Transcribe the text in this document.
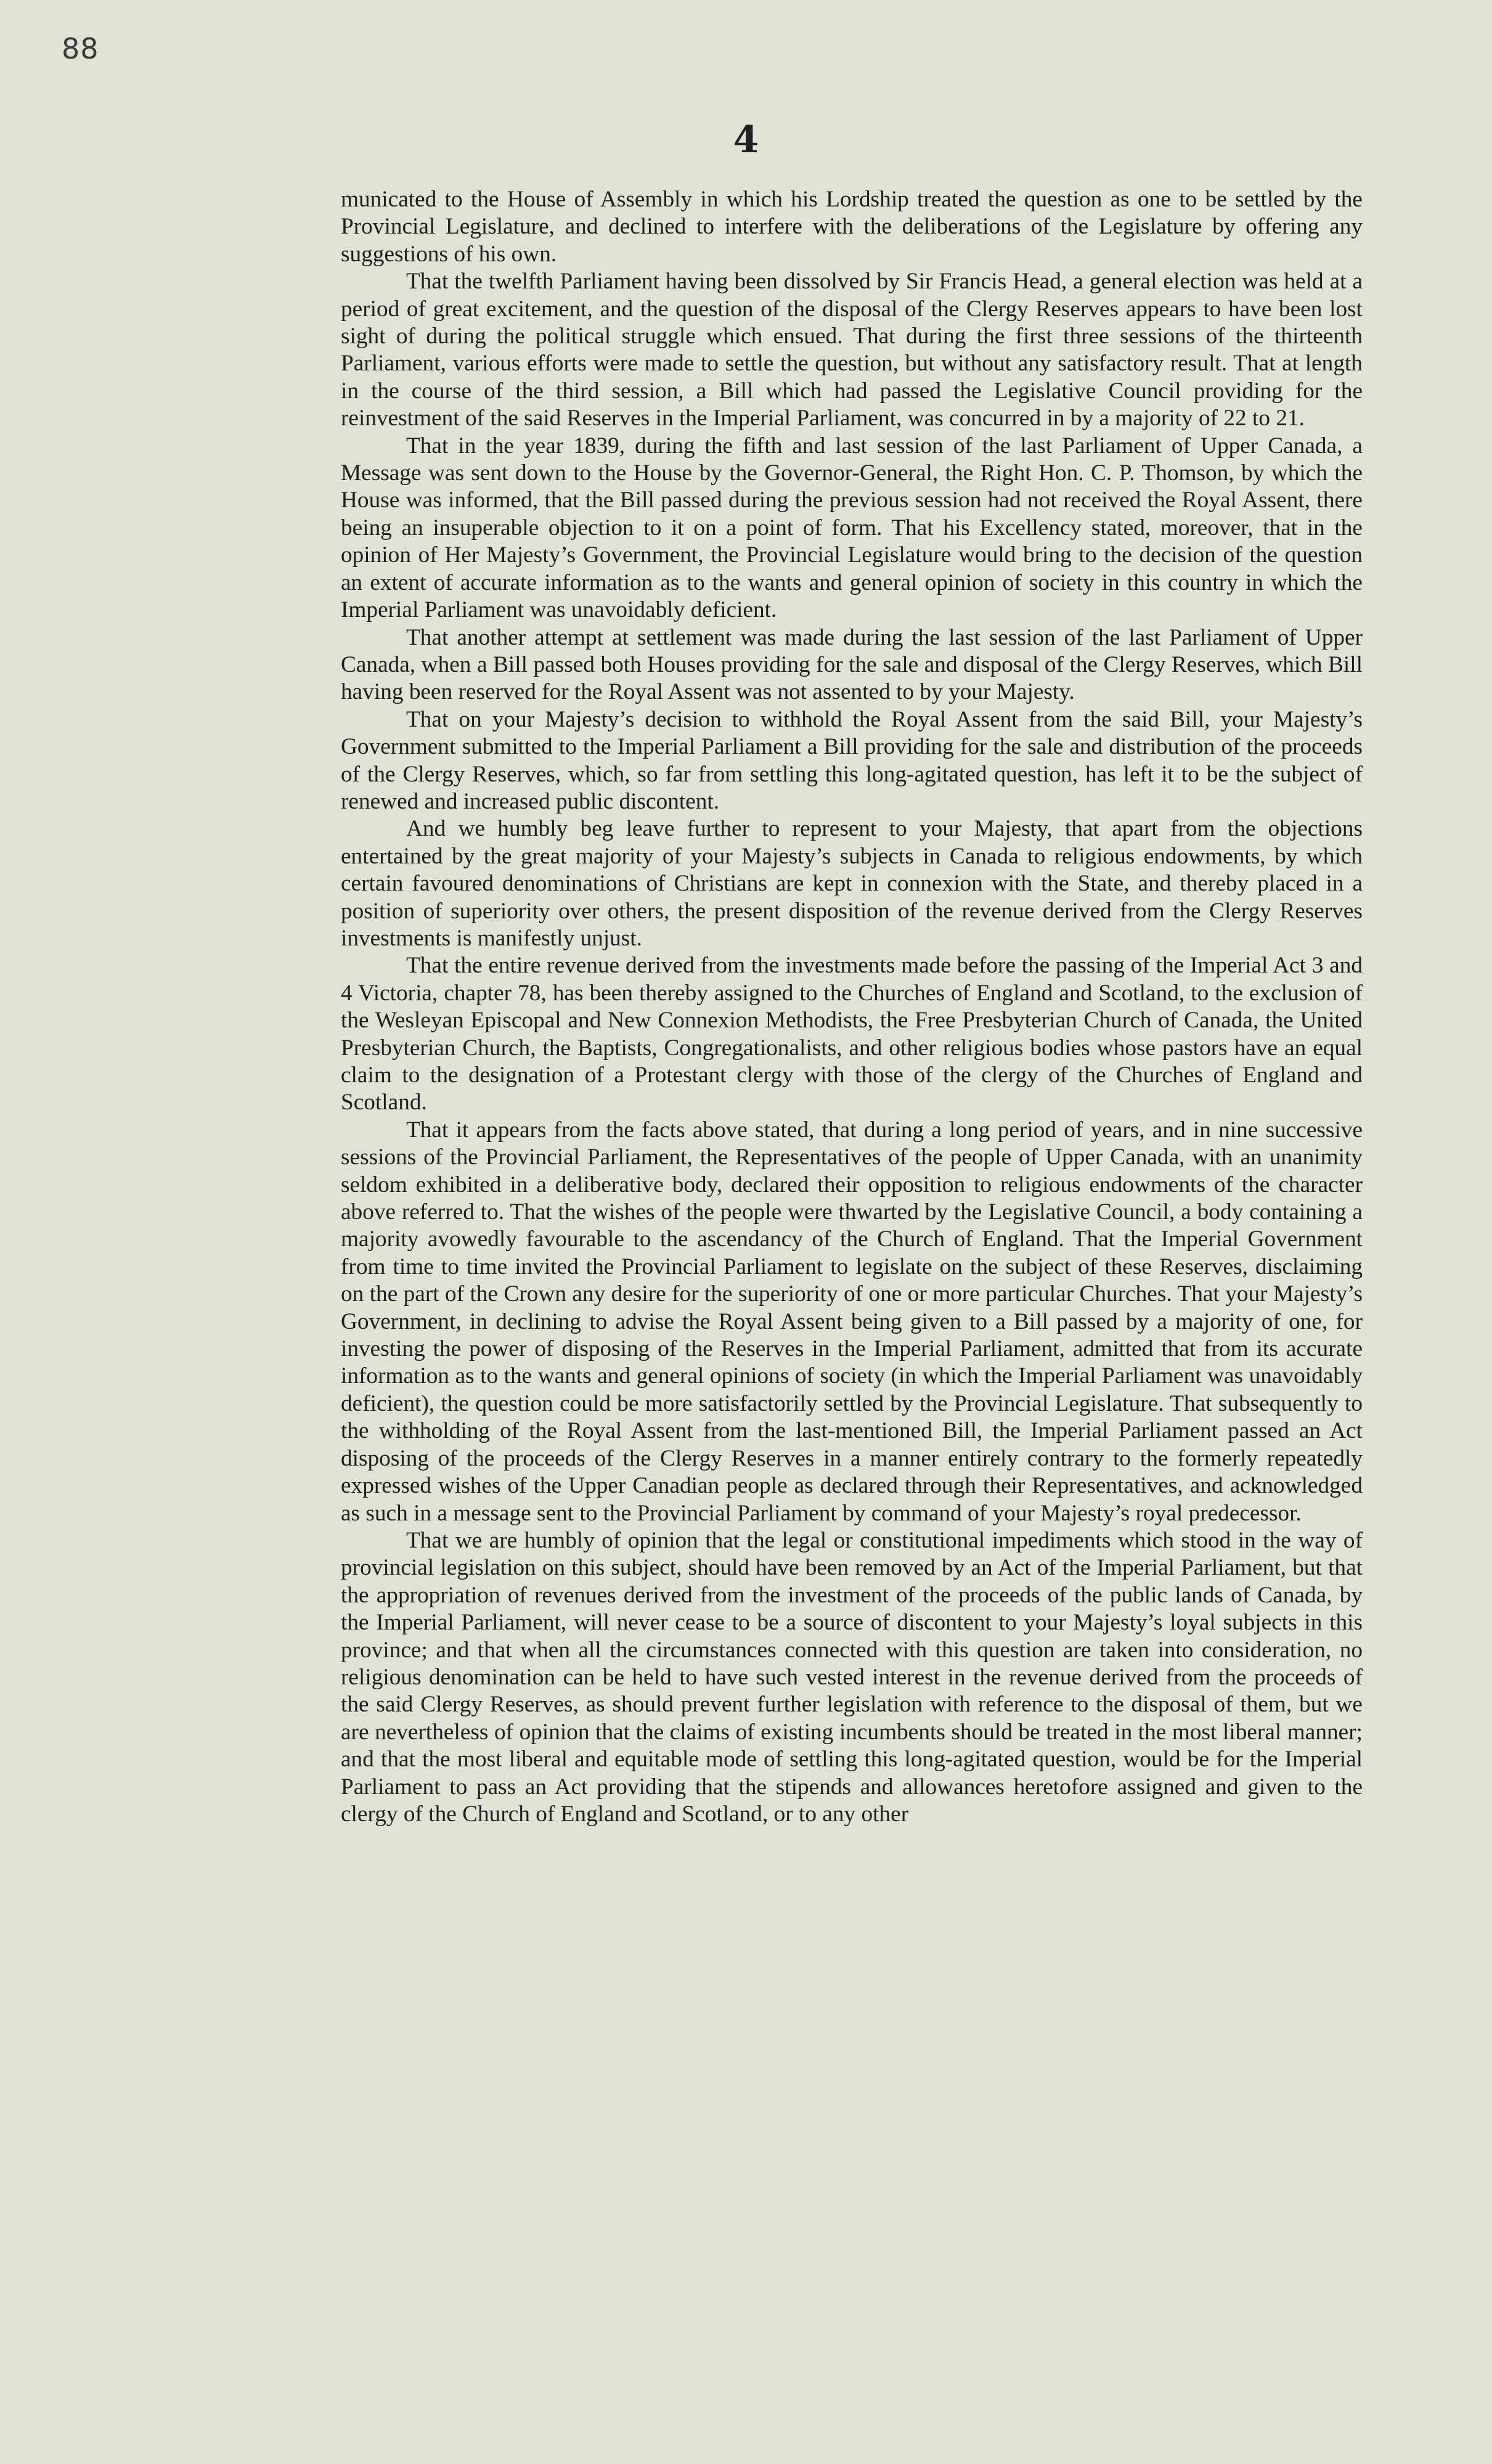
88
4

municated to the House of Assembly in which his Lordship treated the question as one to be settled by the Provincial Legislature, and declined to interfere with the deliberations of the Legislature by offering any suggestions of his own.

That the twelfth Parliament having been dissolved by Sir Francis Head, a general election was held at a period of great excitement, and the question of the disposal of the Clergy Reserves appears to have been lost sight of during the political struggle which ensued. That during the first three sessions of the thirteenth Parliament, various efforts were made to settle the question, but without any satisfactory result. That at length in the course of the third session, a Bill which had passed the Legislative Council providing for the reinvestment of the said Reserves in the Imperial Parliament, was concurred in by a majority of 22 to 21.

That in the year 1839, during the fifth and last session of the last Parliament of Upper Canada, a Message was sent down to the House by the Governor-General, the Right Hon. C. P. Thomson, by which the House was informed, that the Bill passed during the previous session had not received the Royal Assent, there being an insuperable objection to it on a point of form. That his Excellency stated, moreover, that in the opinion of Her Majesty’s Government, the Provincial Legislature would bring to the decision of the question an extent of accurate information as to the wants and general opinion of society in this country in which the Imperial Parliament was unavoidably deficient.

That another attempt at settlement was made during the last session of the last Parliament of Upper Canada, when a Bill passed both Houses providing for the sale and disposal of the Clergy Reserves, which Bill having been reserved for the Royal Assent was not assented to by your Majesty.

That on your Majesty’s decision to withhold the Royal Assent from the said Bill, your Majesty’s Government submitted to the Imperial Parliament a Bill providing for the sale and distribution of the proceeds of the Clergy Reserves, which, so far from settling this long-agitated question, has left it to be the subject of renewed and increased public discontent.

And we humbly beg leave further to represent to your Majesty, that apart from the objections entertained by the great majority of your Majesty’s subjects in Canada to religious endowments, by which certain favoured denominations of Christians are kept in connexion with the State, and thereby placed in a position of superiority over others, the present disposition of the revenue derived from the Clergy Reserves investments is manifestly unjust.

That the entire revenue derived from the investments made before the passing of the Imperial Act 3 and 4 Victoria, chapter 78, has been thereby assigned to the Churches of England and Scotland, to the exclusion of the Wesleyan Episcopal and New Connexion Methodists, the Free Presbyterian Church of Canada, the United Presbyterian Church, the Baptists, Congregationalists, and other religious bodies whose pastors have an equal claim to the designation of a Protestant clergy with those of the clergy of the Churches of England and Scotland.

That it appears from the facts above stated, that during a long period of years, and in nine successive sessions of the Provincial Parliament, the Representatives of the people of Upper Canada, with an unanimity seldom exhibited in a deliberative body, declared their opposition to religious endowments of the character above referred to. That the wishes of the people were thwarted by the Legislative Council, a body containing a majority avowedly favourable to the ascendancy of the Church of England. That the Imperial Government from time to time invited the Provincial Parliament to legislate on the subject of these Reserves, disclaiming on the part of the Crown any desire for the superiority of one or more particular Churches. That your Majesty’s Government, in declining to advise the Royal Assent being given to a Bill passed by a majority of one, for investing the power of disposing of the Reserves in the Imperial Parliament, admitted that from its accurate information as to the wants and general opinions of society (in which the Imperial Parliament was unavoidably deficient), the question could be more satisfactorily settled by the Provincial Legislature. That subsequently to the withholding of the Royal Assent from the last-mentioned Bill, the Imperial Parliament passed an Act disposing of the proceeds of the Clergy Reserves in a manner entirely contrary to the formerly repeatedly expressed wishes of the Upper Canadian people as declared through their Representatives, and acknowledged as such in a message sent to the Provincial Parliament by command of your Majesty’s royal predecessor.

That we are humbly of opinion that the legal or constitutional impediments which stood in the way of provincial legislation on this subject, should have been removed by an Act of the Imperial Parliament, but that the appropriation of revenues derived from the investment of the proceeds of the public lands of Canada, by the Imperial Parliament, will never cease to be a source of discontent to your Majesty’s loyal subjects in this province; and that when all the circumstances connected with this question are taken into consideration, no religious denomination can be held to have such vested interest in the revenue derived from the proceeds of the said Clergy Reserves, as should prevent further legislation with reference to the disposal of them, but we are nevertheless of opinion that the claims of existing incumbents should be treated in the most liberal manner; and that the most liberal and equitable mode of settling this long-agitated question, would be for the Imperial Parliament to pass an Act providing that the stipends and allowances heretofore assigned and given to the clergy of the Church of England and Scotland, or to any other
